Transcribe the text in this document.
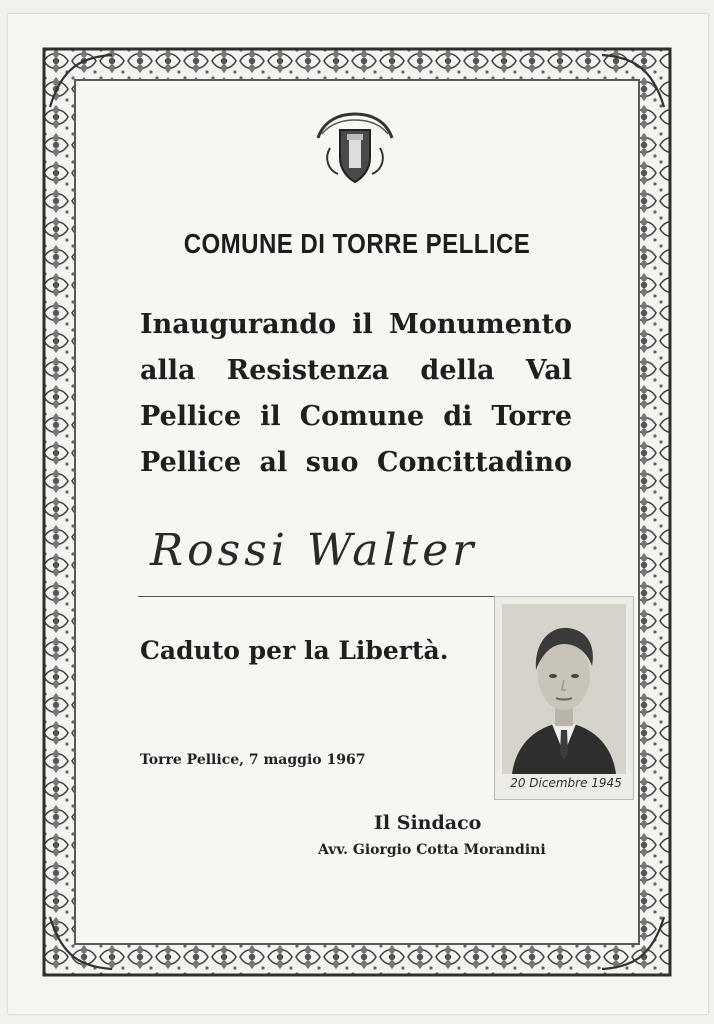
COMUNE DI TORRE PELLICE
Inaugurando il Monumento
alla Resistenza della Val
Pellice il Comune di Torre
Pellice al suo Concittadino
Rossi Walter
Caduto per la Libertà.
Torre Pellice, 7 maggio 1967
Il Sindaco
Avv. Giorgio Cotta Morandini
20 Dicembre 1945
